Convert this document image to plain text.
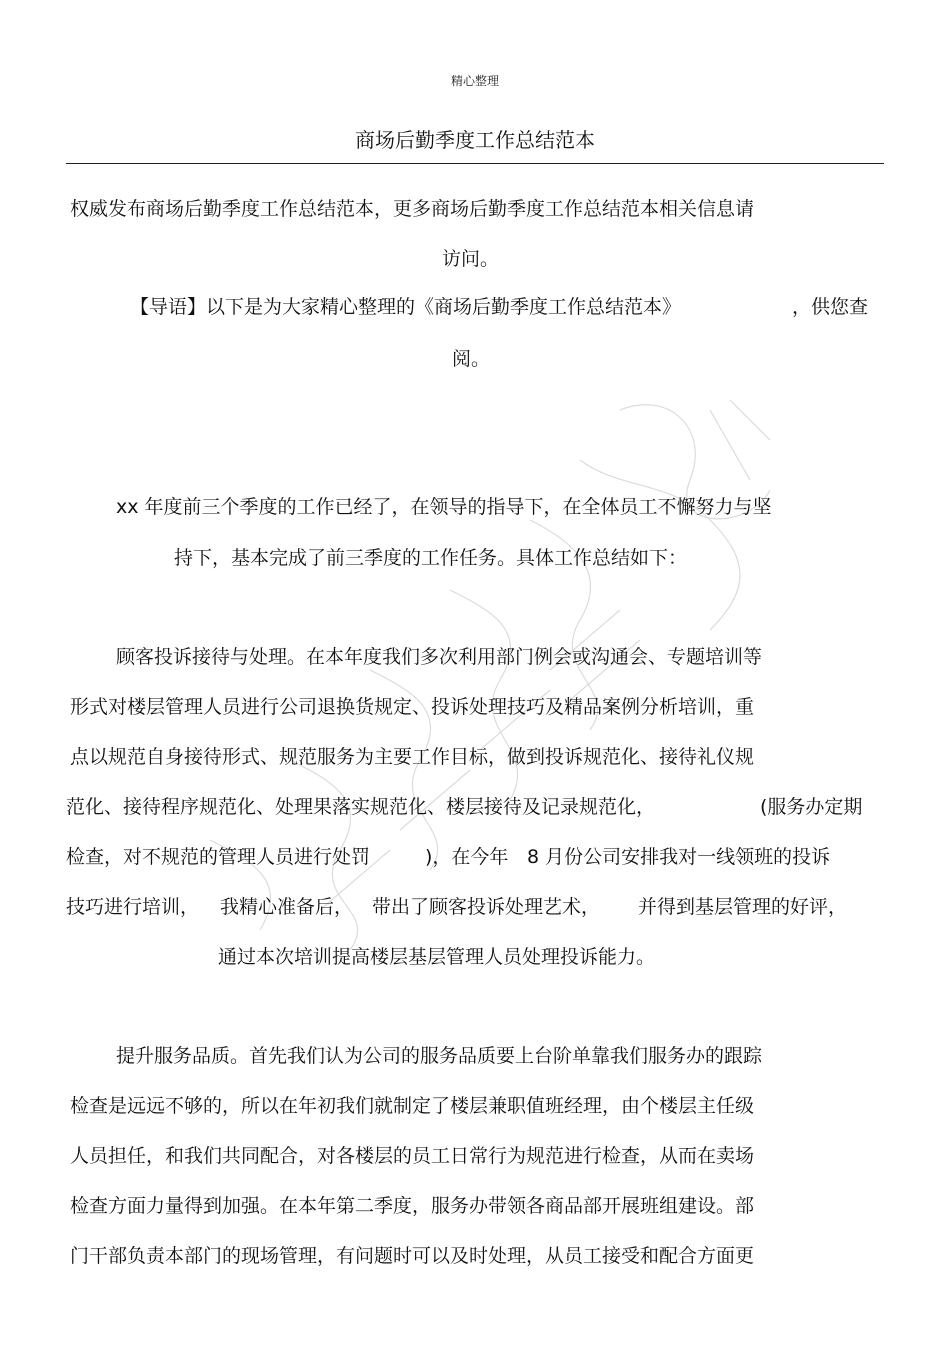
精心整理
商场后勤季度工作总结范本
权威发布商场后勤季度工作总结范本，更多商场后勤季度工作总结范本相关信息请
访问。
【导语】以下是为大家精心整理的《商场后勤季度工作总结范本》	，供您查
阅。
xx 年度前三个季度的工作已经了，在领导的指导下，在全体员工不懈努力与坚
持下，基本完成了前三季度的工作任务。具体工作总结如下：
顾客投诉接待与处理。在本年度我们多次利用部门例会或沟通会、专题培训等
形式对楼层管理人员进行公司退换货规定、投诉处理技巧及精品案例分析培训，重
点以规范自身接待形式、规范服务为主要工作目标，做到投诉规范化、接待礼仪规
范化、接待程序规范化、处理果落实规范化、楼层接待及记录规范化，	(服务办定期
检查，对不规范的管理人员进行处罚	)，在今年 8 月份公司安排我对一线领班的投诉
技巧进行培训， 我精心准备后， 带出了顾客投诉处理艺术， 并得到基层管理的好评，
通过本次培训提高楼层基层管理人员处理投诉能力。
提升服务品质。首先我们认为公司的服务品质要上台阶单靠我们服务办的跟踪
检查是远远不够的，所以在年初我们就制定了楼层兼职值班经理，由个楼层主任级
人员担任，和我们共同配合，对各楼层的员工日常行为规范进行检查，从而在卖场
检查方面力量得到加强。在本年第二季度，服务办带领各商品部开展班组建设。部
门干部负责本部门的现场管理，有问题时可以及时处理，从员工接受和配合方面更
